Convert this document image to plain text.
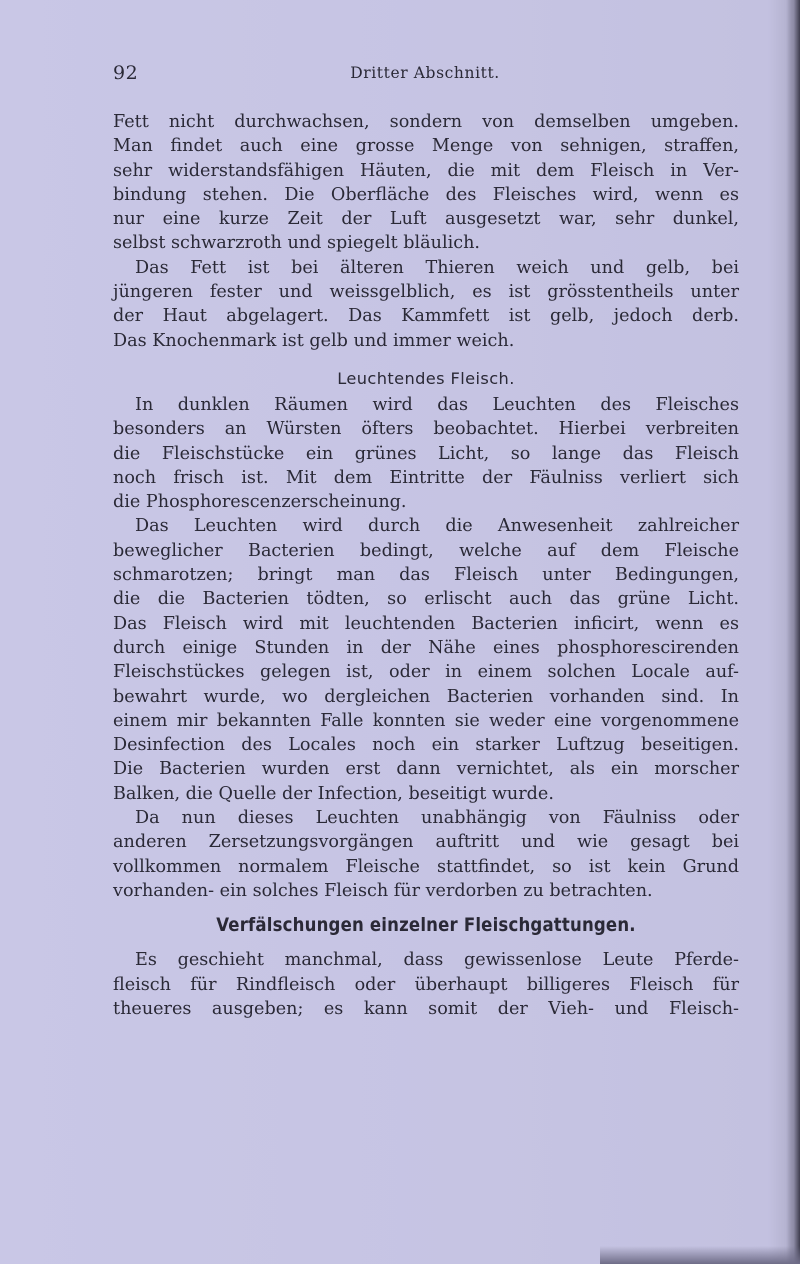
92	Dritter Abschnitt.
Fett nicht durchwachsen, sondern von demselben umgeben.
Man findet auch eine grosse Menge von sehnigen, straffen,
sehr widerstandsfähigen Häuten, die mit dem Fleisch in Ver-
bindung stehen. Die Oberfläche des Fleisches wird, wenn es
nur eine kurze Zeit der Luft ausgesetzt war, sehr dunkel,
selbst schwarzroth und spiegelt bläulich.
Das Fett ist bei älteren Thieren weich und gelb, bei
jüngeren fester und weissgelblich, es ist grösstentheils unter
der Haut abgelagert. Das Kammfett ist gelb, jedoch derb.
Das Knochenmark ist gelb und immer weich.
Leuchtendes Fleisch.
In dunklen Räumen wird das Leuchten des Fleisches
besonders an Würsten öfters beobachtet. Hierbei verbreiten
die Fleischstücke ein grünes Licht, so lange das Fleisch
noch frisch ist. Mit dem Eintritte der Fäulniss verliert sich
die Phosphorescenzerscheinung.
Das Leuchten wird durch die Anwesenheit zahlreicher
beweglicher Bacterien bedingt, welche auf dem Fleische
schmarotzen; bringt man das Fleisch unter Bedingungen,
die die Bacterien tödten, so erlischt auch das grüne Licht.
Das Fleisch wird mit leuchtenden Bacterien inficirt, wenn es
durch einige Stunden in der Nähe eines phosphorescirenden
Fleischstückes gelegen ist, oder in einem solchen Locale auf-
bewahrt wurde, wo dergleichen Bacterien vorhanden sind. In
einem mir bekannten Falle konnten sie weder eine vorgenommene
Desinfection des Locales noch ein starker Luftzug beseitigen.
Die Bacterien wurden erst dann vernichtet, als ein morscher
Balken, die Quelle der Infection, beseitigt wurde.
Da nun dieses Leuchten unabhängig von Fäulniss oder
anderen Zersetzungsvorgängen auftritt und wie gesagt bei
vollkommen normalem Fleische stattfindet, so ist kein Grund
vorhanden- ein solches Fleisch für verdorben zu betrachten.
Verfälschungen einzelner Fleischgattungen.
Es geschieht manchmal, dass gewissenlose Leute Pferde-
fleisch für Rindfleisch oder überhaupt billigeres Fleisch für
theueres ausgeben; es kann somit der Vieh- und Fleisch-
